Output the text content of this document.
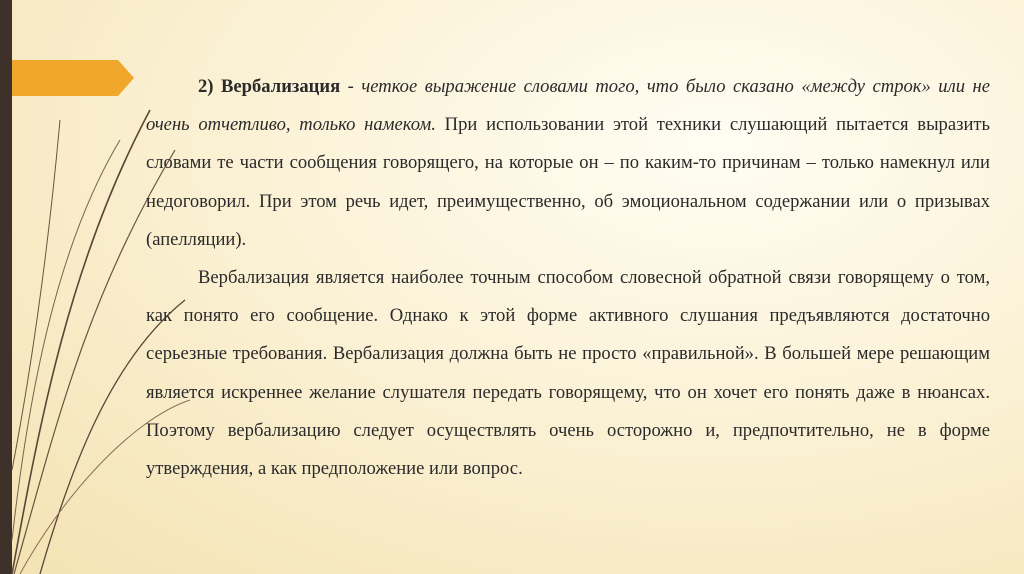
2) Вербализация - четкое выражение словами того, что было сказано «между строк» или не очень отчетливо, только намеком. При использовании этой техники слушающий пытается выразить словами те части сообщения говорящего, на которые он – по каким-то причинам – только намекнул или недоговорил. При этом речь идет, преимущественно, об эмоциональном содержании или о призывах (апелляции).

Вербализация является наиболее точным способом словесной обратной связи говорящему о том, как понято его сообщение. Однако к этой форме активного слушания предъявляются достаточно серьезные требования. Вербализация должна быть не просто «правильной». В большей мере решающим является искреннее желание слушателя передать говорящему, что он хочет его понять даже в нюансах. Поэтому вербализацию следует осуществлять очень осторожно и, предпочтительно, не в форме утверждения, а как предположение или вопрос.
